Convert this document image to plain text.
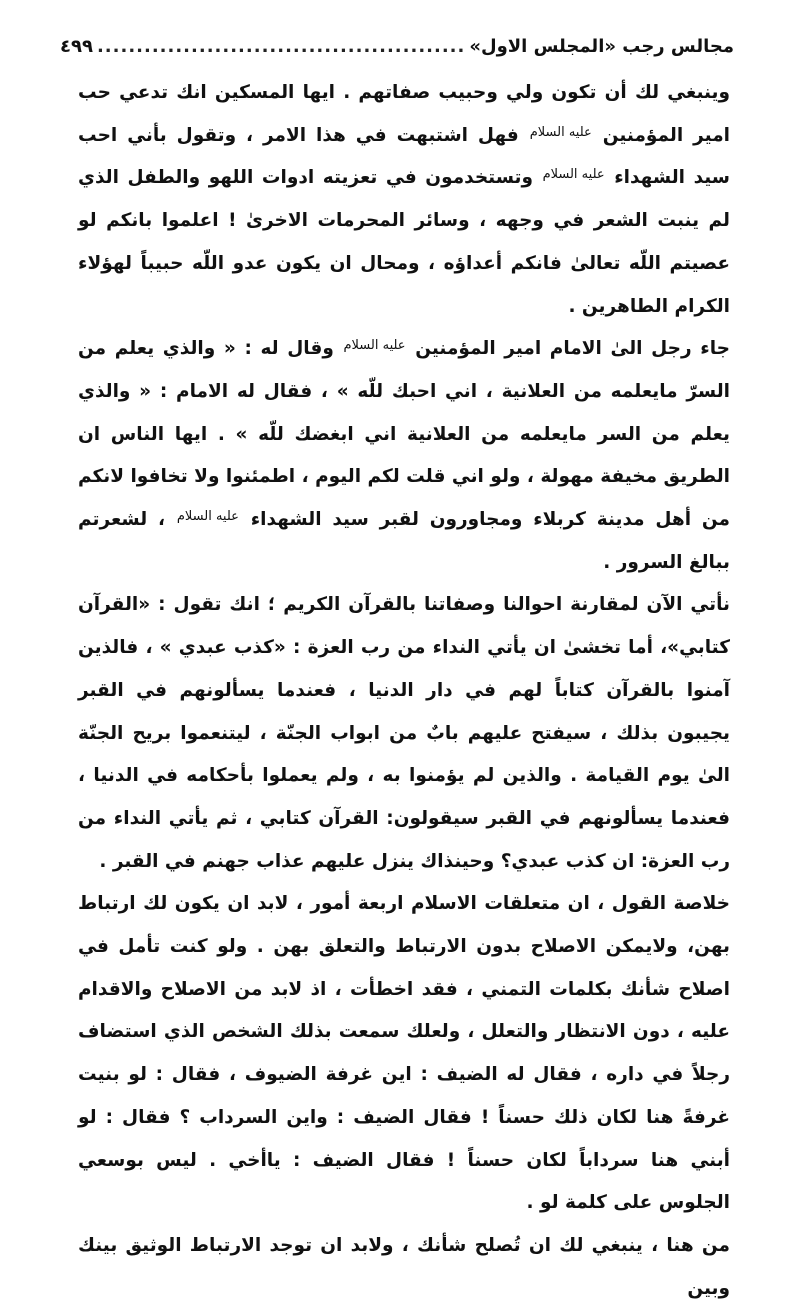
مجالس رجب «المجلس الاول»
.....
٤٩٩

وينبغي لك أن تكون ولي وحبيب صفاتهم . ايها المسكين انك تدعي حب امير المؤمنين عليه السلام فهل اشتبهت في هذا الامر ، وتقول بأني احب سيد الشهداء عليه السلام وتستخدمون في تعزيته ادوات اللهو والطفل الذي لم ينبت الشعر في وجهه ، وسائر المحرمات الاخرىٰ ! اعلموا بانكم لو عصيتم اللّه تعالىٰ فانكم أعداؤه ، ومحال ان يكون عدو اللّه حبيباً لهؤلاء الكرام الطاهرين .

جاء رجل الىٰ الامام امير المؤمنين عليه السلام وقال له : « والذي يعلم من السرّ مايعلمه من العلانية ، اني احبك للّه » ، فقال له الامام : « والذي يعلم من السر مايعلمه من العلانية اني ابغضك للّه » . ايها الناس ان الطريق مخيفة مهولة ، ولو اني قلت لكم اليوم ، اطمئنوا ولا تخافوا لانكم من أهل مدينة كربلاء ومجاورون لقبر سيد الشهداء عليه السلام ، لشعرتم ببالغ السرور .

نأتي الآن لمقارنة احوالنا وصفاتنا بالقرآن الكريم ؛ انك تقول : «القرآن كتابي»، أما تخشىٰ ان يأتي النداء من رب العزة : «كذب عبدي » ، فالذين آمنوا بالقرآن كتاباً لهم في دار الدنيا ، فعندما يسألونهم في القبر يجيبون بذلك ، سيفتح عليهم بابٌ من ابواب الجنّة ، ليتنعموا بريح الجنّة الىٰ يوم القيامة . والذين لم يؤمنوا به ، ولم يعملوا بأحكامه في الدنيا ، فعندما يسألونهم في القبر سيقولون: القرآن كتابي ، ثم يأتي النداء من رب العزة: ان كذب عبدي؟ وحينذاك ينزل عليهم عذاب جهنم في القبر .

خلاصة القول ، ان متعلقات الاسلام اربعة أمور ، لابد ان يكون لك ارتباط بهن، ولايمكن الاصلاح بدون الارتباط والتعلق بهن . ولو كنت تأمل في اصلاح شأنك بكلمات التمني ، فقد اخطأت ، اذ لابد من الاصلاح والاقدام عليه ، دون الانتظار والتعلل ، ولعلك سمعت بذلك الشخص الذي استضاف رجلاً في داره ، فقال له الضيف : اين غرفة الضيوف ، فقال : لو بنيت غرفةً هنا لكان ذلك حسناً ! فقال الضيف : واين السرداب ؟ فقال : لو أبني هنا سرداباً لكان حسناً ! فقال الضيف : ياأخي . ليس بوسعي الجلوس على كلمة لو .

من هنا ، ينبغي لك ان تُصلح شأنك ، ولابد ان توجد الارتباط الوثيق بينك وبين
